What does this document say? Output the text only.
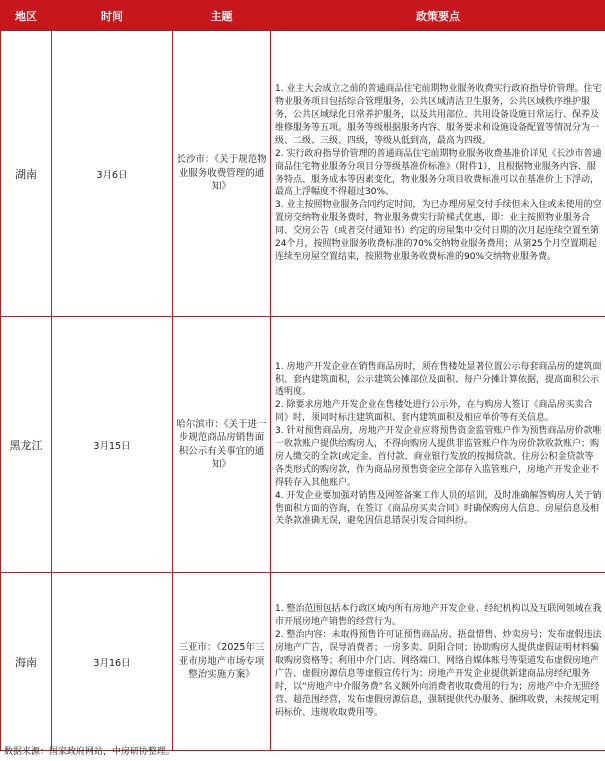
地区	时间	主题	政策要点
湖南	3月6日	长沙市：《关于规范物业服务收费管理的通知》	1. 业主大会成立之前的普通商品住宅前期物业服务收费实行政府指导价管理。住宅物业服务项目包括综合管理服务，公共区域清洁卫生服务，公共区域秩序维护服务，公共区域绿化日常养护服务，以及共用部位、共用设备设施日常运行、保养及维修服务等五项。服务等级根据服务内容、服务要求和设施设备配置等情况分为一级、二级、三级、四级，等级从低到高，最高为四级。

2. 实行政府指导价管理的普通商品住宅前期物业服务收费基准价详见《长沙市普通商品住宅物业服务分项目分等级基准价标准》（附件1），且根据物业服务内容、服务特点、服务成本等因素变化，物业服务分项目收费标准可以在基准价上下浮动，最高上浮幅度不得超过30%。

3. 业主按照物业服务合同约定时间，为已办理房屋交付手续但未入住或未使用的空置房交纳物业服务费时，物业服务费实行阶梯式优惠，即：业主按照物业服务合同、交房公告（或者交付通知书）约定的房屋集中交付日期的次月起连续空置至第24个月，按照物业服务收费标准的70%交纳物业服务费用；从第25个月空置期起连续至房屋空置结束，按照物业服务收费标准的90%交纳物业服务费。

黑龙江	3月15日	哈尔滨市：《关于进一步规范商品房销售面积公示有关事宜的通知》	1. 房地产开发企业在销售商品房时，须在售楼处显著位置公示每套商品房的建筑面积、套内建筑面积，公示建筑公摊部位及面积、每户分摊计算依据，提高面积公示透明度。

2. 除要求房地产开发企业在售楼处进行公示外，在与购房人签订《商品房买卖合同》时，须同时标注建筑面积、套内建筑面积及相应单价等有关信息。

3. 针对预售商品房，房地产开发企业应将预售资金监管账户作为预售商品房价款唯一收款账户提供给购房人，不得向购房人提供非监管账户作为房价款收款账户；购房人缴交的全款(或定金、首付款、商业银行发放的按揭贷款、住房公积金贷款等各类形式的购房款，作为商品房预售资金应全部存入监管账户，房地产开发企业不得转存入其他账户。

4. 开发企业要加强对销售及网签备案工作人员的培训，及时准确解答购房人关于销售面积方面的咨询，在签订《商品房买卖合同》时确保购房人信息、房屋信息及相关条款准确无误，避免因信息错误引发合同纠纷。

海南	3月16日	三亚市：《2025年三亚市房地产市场专项整治实施方案》	1. 整治范围包括本行政区域内所有房地产开发企业、经纪机构以及互联网领域在我市开展房地产销售的经营行为。

2. 整治内容：未取得预售许可证预售商品房、捂盘惜售、炒卖房号；发布虚假违法房地产广告，误导消费者；一房多卖、阴阳合同；协助购房人提供虚假证明材料骗取购房资格等；利用中介门店、网络端口、网络自媒体账号等渠道发布虚假房地产广告、虚假房源信息等虚假宣传行为；房地产开发企业提供新建商品房经纪服务时，以“房地产中介服务费”名义额外向消费者收取费用的行为；房地产中介无照经营、超范围经营，发布虚假房源信息，强制提供代办服务、捆绑收费，未按规定明码标价、违规收取费用等。

数据来源：国家政府网站，中房研协整理。
